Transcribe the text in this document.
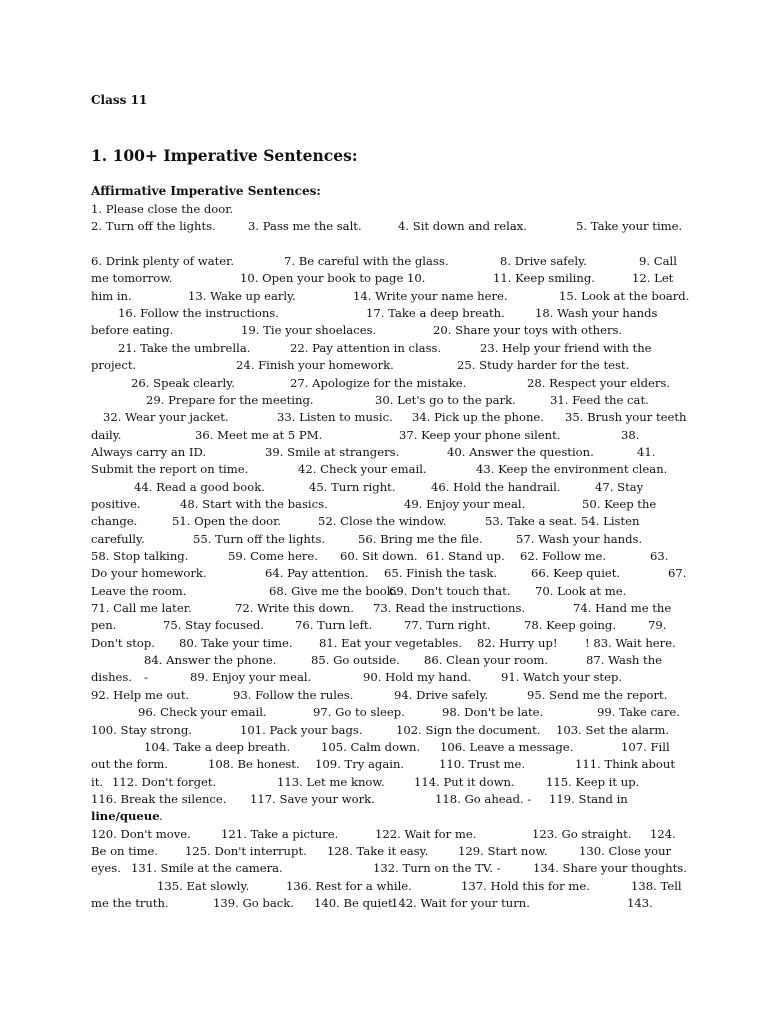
Class 11
1. 100+ Imperative Sentences:
Affirmative Imperative Sentences:
1. Please close the door.
2. Turn off the lights.	3. Pass me the salt.	4. Sit down and relax.	5. Take your time.
6. Drink plenty of water.	7. Be careful with the glass.	8. Drive safely.	9. Call
me tomorrow.	10. Open your book to page 10.	11. Keep smiling.	12. Let
him in.	13. Wake up early.	14. Write your name here.	15. Look at the board.
16. Follow the instructions.	17. Take a deep breath.	18. Wash your hands
before eating.	19. Tie your shoelaces.	20. Share your toys with others.
21. Take the umbrella.	22. Pay attention in class.	23. Help your friend with the
project.	24. Finish your homework.	25. Study harder for the test.
26. Speak clearly.	27. Apologize for the mistake.	28. Respect your elders.
29. Prepare for the meeting.	30. Let's go to the park.	31. Feed the cat.
32. Wear your jacket.	33. Listen to music. 34. Pick up the phone. 35. Brush your teeth
daily.	36. Meet me at 5 PM.	37. Keep your phone silent.	38.
Always carry an ID.	39. Smile at strangers.	40. Answer the question.	41.
Submit the report on time.	42. Check your email.	43. Keep the environment clean.
44. Read a good book.	45. Turn right.	46. Hold the handrail.	47. Stay
positive.	48. Start with the basics.	49. Enjoy your meal.	50. Keep the
change.	51. Open the door.	52. Close the window.	53. Take a seat. 54. Listen
carefully.	55. Turn off the lights.	56. Bring me the file.	57. Wash your hands.
58. Stop talking.	59. Come here. 60. Sit down. 61. Stand up. 62. Follow me.	63.
Do your homework.	64. Pay attention. 65. Finish the task.	66. Keep quiet.	67.
Leave the room.	68. Give me the book.
69. Don't touch that. 70. Look at me.
71. Call me later.	72. Write this down. 73. Read the instructions.	74. Hand me the
pen.	75. Stay focused.	76. Turn left.	77. Turn right.	78. Keep going.	79.
Don't stop. 80. Take your time. 81. Eat your vegetables. 82. Hurry up! ! 83. Wait here.
84. Answer the phone.	85. Go outside. 86. Clean your room.	87. Wash the
dishes. -	89. Enjoy your meal.	90. Hold my hand.	91. Watch your step.
92. Help me out.	93. Follow the rules.	94. Drive safely.	95. Send me the report.
96. Check your email.	97. Go to sleep.	98. Don't be late.	99. Take care.
100. Stay strong.	101. Pack your bags.	102. Sign the document. 103. Set the alarm.
104. Take a deep breath.	105. Calm down. 106. Leave a message.	107. Fill
out the form.	108. Be honest. 109. Try again.	110. Trust me.	111. Think about
it. 112. Don't forget.	113. Let me know.	114. Put it down.	115. Keep it up.
116. Break the silence. 117. Save your work.	118. Go ahead. - 119. Stand in
line/queue .
120. Don't move.	121. Take a picture.	122. Wait for me.	123. Go straight. 124.
Be on time. 125. Don't interrupt. 128. Take it easy.	129. Start now.	130. Close your
eyes. 131. Smile at the camera.	132. Turn on the TV. -	134. Share your thoughts.
135. Eat slowly.	136. Rest for a while.	137. Hold this for me.	138. Tell
me the truth.	139. Go back. 140. Be quiet.
142. Wait for your turn.	143.
